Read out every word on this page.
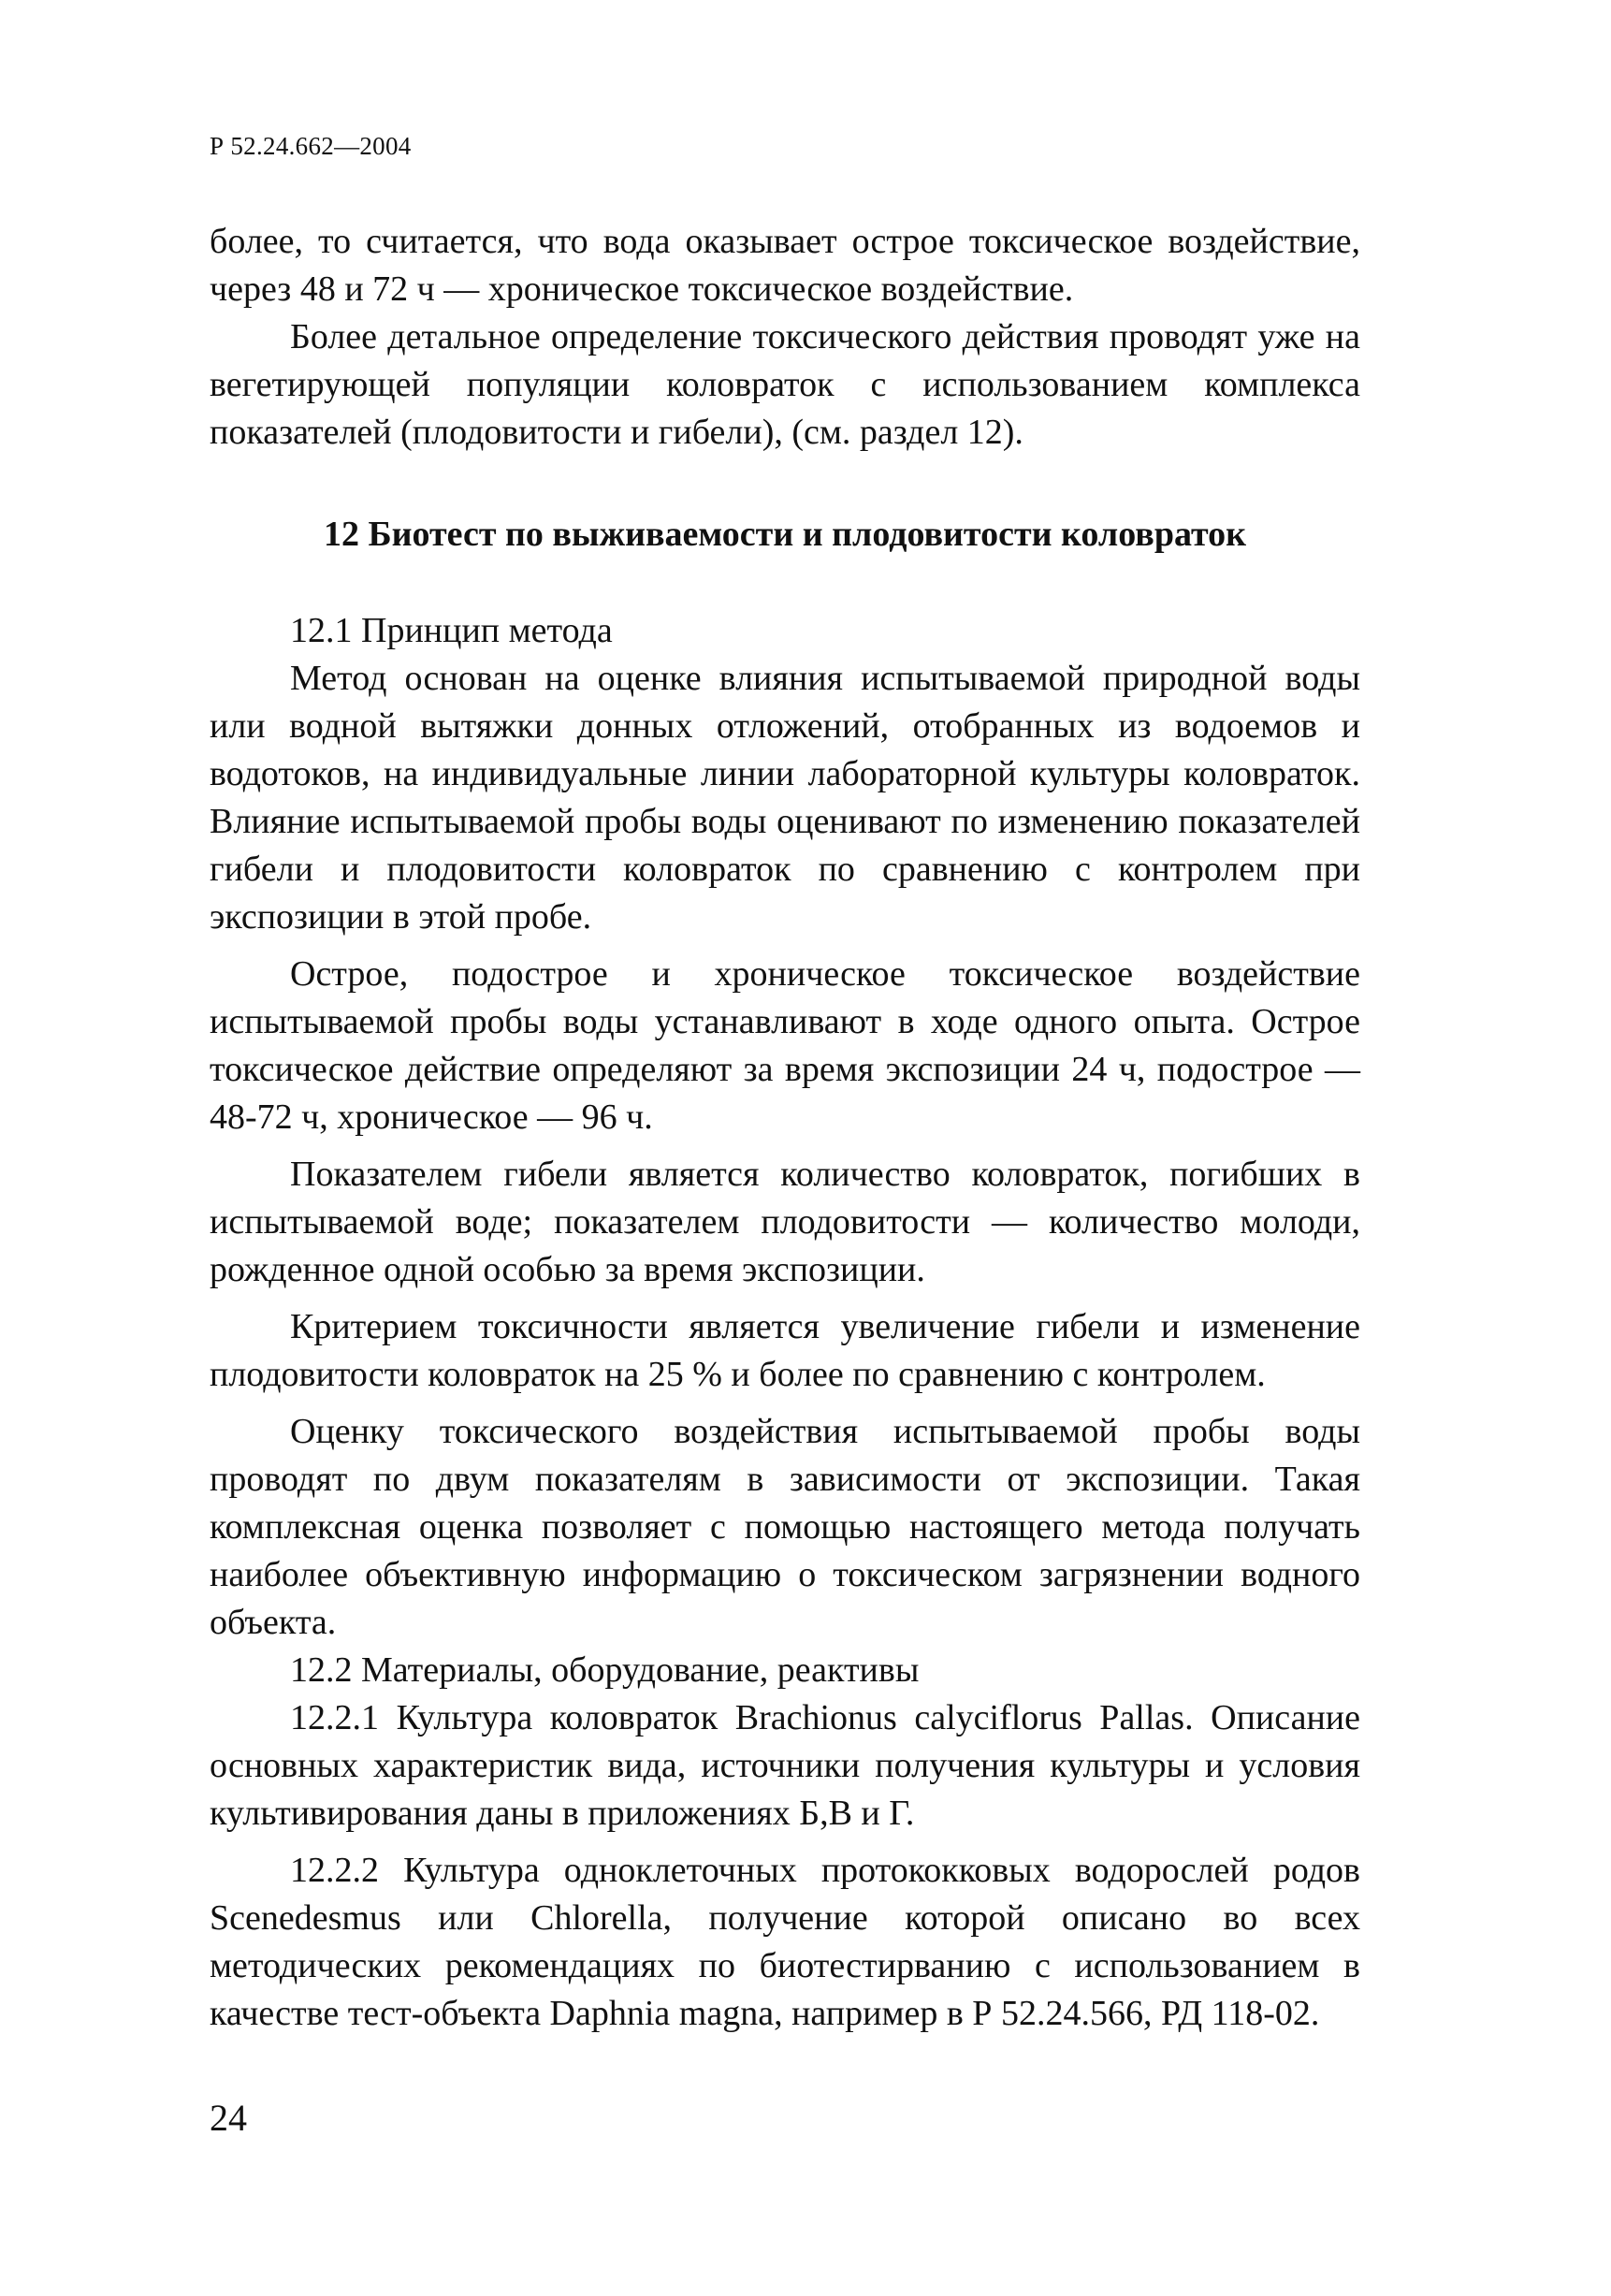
Р 52.24.662—2004

более, то считается, что вода оказывает острое токсическое воздействие, через 48 и 72 ч — хроническое токсическое воздействие.

Более детальное определение токсического действия проводят уже на вегетирующей популяции коловраток с использованием комплекса показателей (плодовитости и гибели), (см. раздел 12).

12 Биотест по выживаемости и плодовитости коловраток

12.1 Принцип метода

Метод основан на оценке влияния испытываемой природной воды или водной вытяжки донных отложений, отобранных из водоемов и водотоков, на индивидуальные линии лабораторной культуры коловраток. Влияние испытываемой пробы воды оценивают по изменению показателей гибели и плодовитости коловраток по сравнению с контролем при экспозиции в этой пробе.

Острое, подострое и хроническое токсическое воздействие испытываемой пробы воды устанавливают в ходе одного опыта. Острое токсическое действие определяют за время экспозиции 24 ч, подострое — 48-72 ч, хроническое — 96 ч.

Показателем гибели является количество коловраток, погибших в испытываемой воде; показателем плодовитости — количество молоди, рожденное одной особью за время экспозиции.

Критерием токсичности является увеличение гибели и изменение плодовитости коловраток на 25 % и более по сравнению с контролем.

Оценку токсического воздействия испытываемой пробы воды проводят по двум показателям в зависимости от экспозиции. Такая комплексная оценка позволяет с помощью настоящего метода получать наиболее объективную информацию о токсическом загрязнении водного объекта.

12.2 Материалы, оборудование, реактивы

12.2.1 Культура коловраток Brachionus calyciflorus Pallas. Описание основных характеристик вида, источники получения культуры и условия культивирования даны в приложениях Б,В и Г.

12.2.2 Культура одноклеточных протококковых водорослей родов Scenedesmus или Chlorella, получение которой описано во всех методических рекомендациях по биотестирванию с использованием в качестве тест-объекта Daphnia magna, например в Р 52.24.566, РД 118-02.

24
